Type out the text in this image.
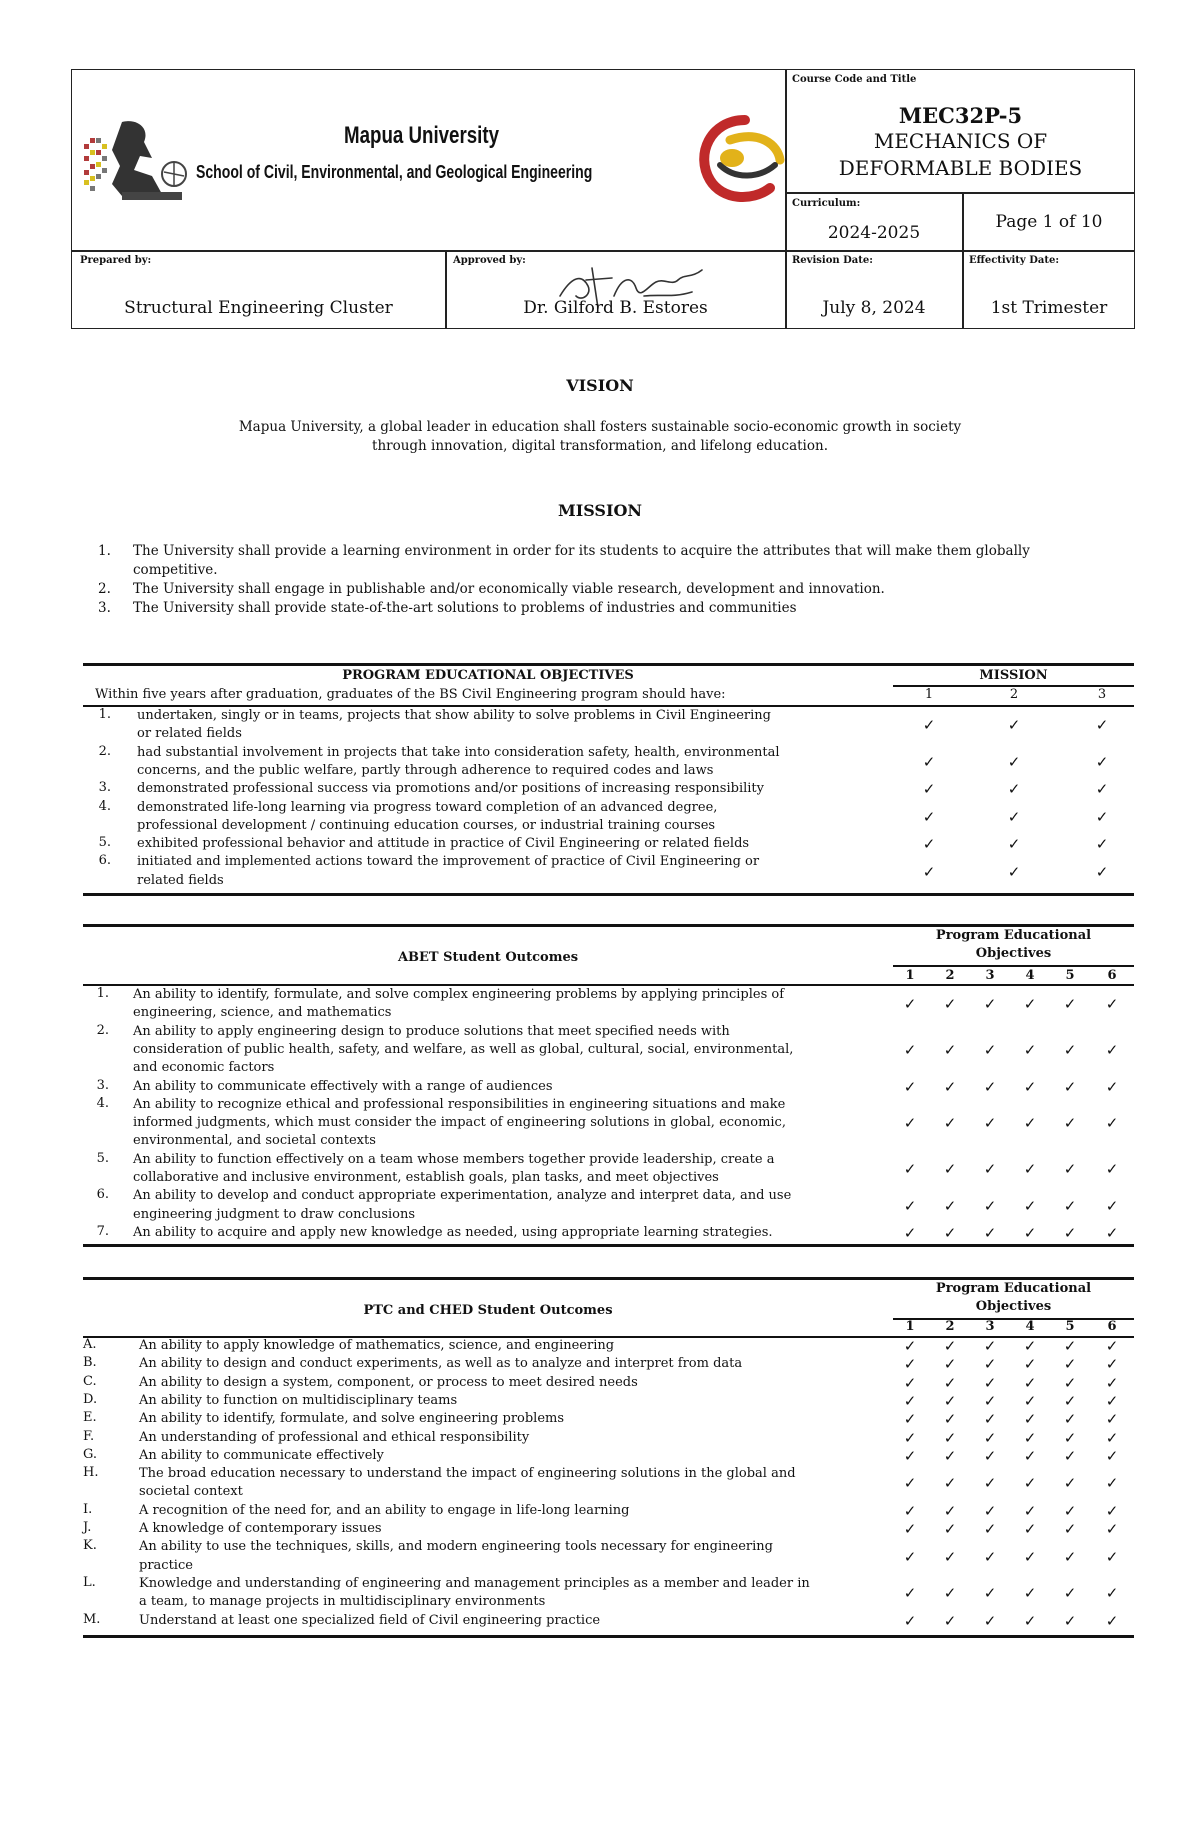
Mapua University
School of Civil, Environmental, and Geological Engineering
Course Code and Title
MEC32P-5
MECHANICS OF
DEFORMABLE BODIES
Curriculum:
2024-2025
Page 1 of 10
Prepared by:
Structural Engineering Cluster
Approved by:
Dr. Gilford B. Estores
Revision Date:
July 8, 2024
Effectivity Date:
1st Trimester
VISION
Mapua University, a global leader in education shall fosters sustainable socio-economic growth in society
through innovation, digital transformation, and lifelong education.
MISSION
1. The University shall provide a learning environment in order for its students to acquire the attributes that will make them globally competitive.
2. The University shall engage in publishable and/or economically viable research, development and innovation.
3. The University shall provide state-of-the-art solutions to problems of industries and communities
PROGRAM EDUCATIONAL OBJECTIVES	MISSION
Within five years after graduation, graduates of the BS Civil Engineering program should have:	1	2	3
1. undertaken, singly or in teams, projects that show ability to solve problems in Civil Engineering
or related fields	✓	✓	✓
2. had substantial involvement in projects that take into consideration safety, health, environmental
concerns, and the public welfare, partly through adherence to required codes and laws	✓	✓	✓
3. demonstrated professional success via promotions and/or positions of increasing responsibility	✓	✓	✓
4. demonstrated life-long learning via progress toward completion of an advanced degree,
professional development / continuing education courses, or industrial training courses	✓	✓	✓
5. exhibited professional behavior and attitude in practice of Civil Engineering or related fields	✓	✓	✓
6. initiated and implemented actions toward the improvement of practice of Civil Engineering or
related fields	✓	✓	✓
ABET Student Outcomes
Program Educational
Objectives
1	2	3	4	5	6
1. An ability to identify, formulate, and solve complex engineering problems by applying principles of
engineering, science, and mathematics	✓	✓	✓	✓	✓	✓
2. An ability to apply engineering design to produce solutions that meet specified needs with
consideration of public health, safety, and welfare, as well as global, cultural, social, environmental,
and economic factors
✓	✓	✓	✓	✓	✓
3. An ability to communicate effectively with a range of audiences	✓	✓	✓	✓	✓	✓
4. An ability to recognize ethical and professional responsibilities in engineering situations and make
informed judgments, which must consider the impact of engineering solutions in global, economic,
environmental, and societal contexts
✓	✓	✓	✓	✓	✓
5. An ability to function effectively on a team whose members together provide leadership, create a
collaborative and inclusive environment, establish goals, plan tasks, and meet objectives	✓	✓	✓	✓	✓	✓
6. An ability to develop and conduct appropriate experimentation, analyze and interpret data, and use
engineering judgment to draw conclusions	✓	✓	✓	✓	✓	✓
7. An ability to acquire and apply new knowledge as needed, using appropriate learning strategies.	✓	✓	✓	✓	✓	✓
PTC and CHED Student Outcomes
Program Educational
Objectives
1	2	3	4	5	6
A.	An ability to apply knowledge of mathematics, science, and engineering	✓	✓	✓	✓	✓	✓
B.	An ability to design and conduct experiments, as well as to analyze and interpret from data	✓	✓	✓	✓	✓	✓
C.	An ability to design a system, component, or process to meet desired needs	✓	✓	✓	✓	✓	✓
D.	An ability to function on multidisciplinary teams	✓	✓	✓	✓	✓	✓
E.	An ability to identify, formulate, and solve engineering problems	✓	✓	✓	✓	✓	✓
F.	An understanding of professional and ethical responsibility	✓	✓	✓	✓	✓	✓
G.	An ability to communicate effectively	✓	✓	✓	✓	✓	✓
H.	The broad education necessary to understand the impact of engineering solutions in the global and
societal context	✓	✓	✓	✓	✓	✓
I.	A recognition of the need for, and an ability to engage in life-long learning	✓	✓	✓	✓	✓	✓
J.	A knowledge of contemporary issues	✓	✓	✓	✓	✓	✓
K.	An ability to use the techniques, skills, and modern engineering tools necessary for engineering
practice	✓	✓	✓	✓	✓	✓
L.	Knowledge and understanding of engineering and management principles as a member and leader in
a team, to manage projects in multidisciplinary environments	✓	✓	✓	✓	✓	✓
M.	Understand at least one specialized field of Civil engineering practice	✓	✓	✓	✓	✓	✓
